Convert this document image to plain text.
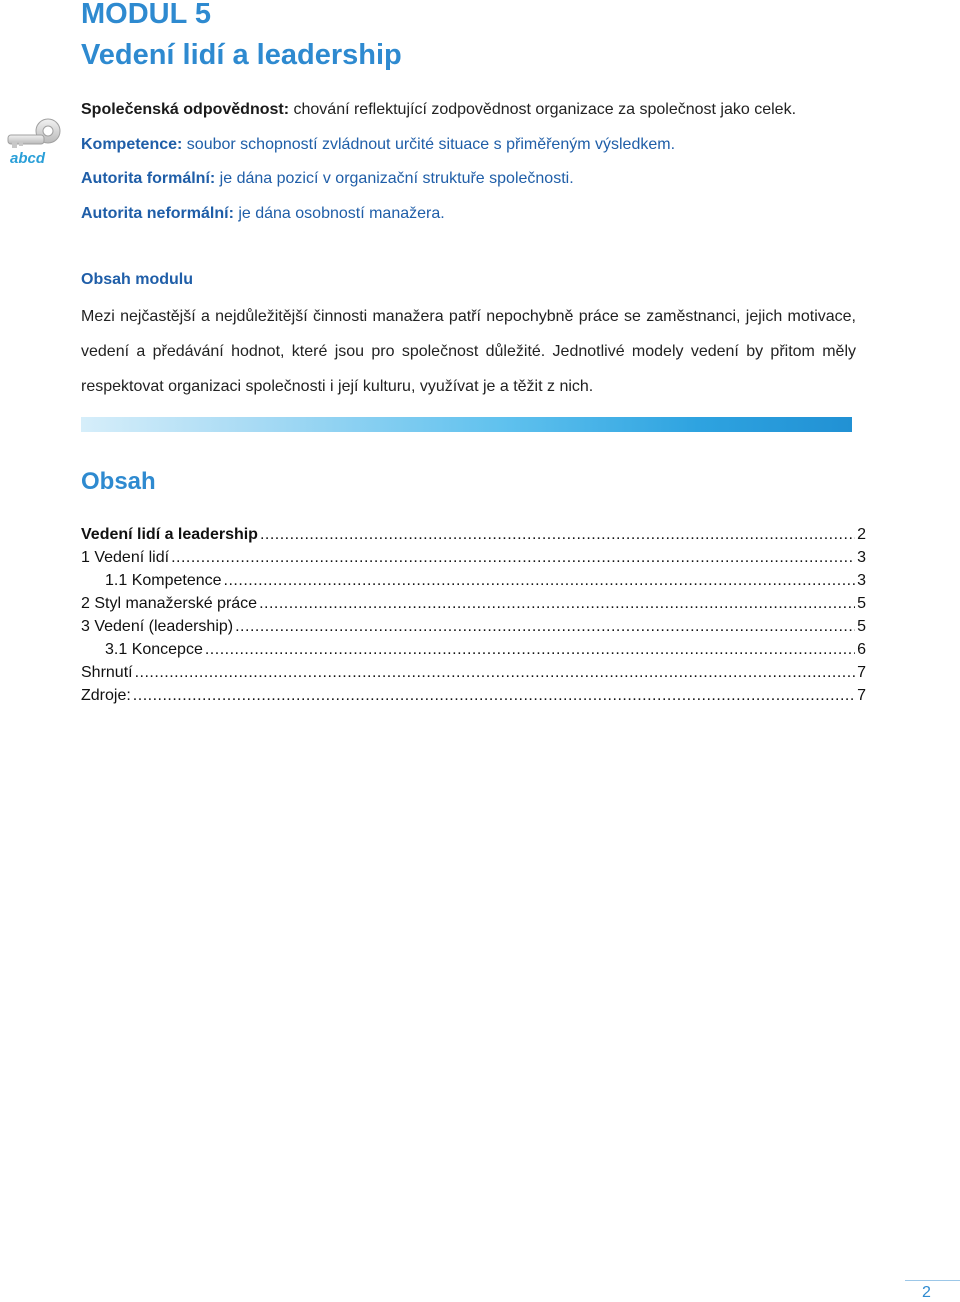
MODUL 5
Vedení lidí a leadership
abcd

Společenská odpovědnost: chování reflektující zodpovědnost organizace za společnost jako celek.

Kompetence: soubor schopností zvládnout určité situace s přiměřeným výsledkem.

Autorita formální: je dána pozicí v organizační struktuře společnosti.

Autorita neformální: je dána osobností manažera.

Obsah modulu

Mezi nejčastější a nejdůležitější činnosti manažera patří nepochybně práce se zaměstnanci, jejich motivace, vedení a předávání hodnot, které jsou pro společnost důležité. Jednotlivé modely vedení by přitom měly respektovat organizaci společnosti i její kulturu, využívat je a těžit z nich.

Obsah
Vedení lidí a leadership .....	2
1 Vedení lidí .....	3
1.1 Kompetence .....	3
2 Styl manažerské práce .....	5
3 Vedení (leadership) .....	5
3.1 Koncepce .....	6
Shrnutí .....	7
Zdroje: .....	7

2
